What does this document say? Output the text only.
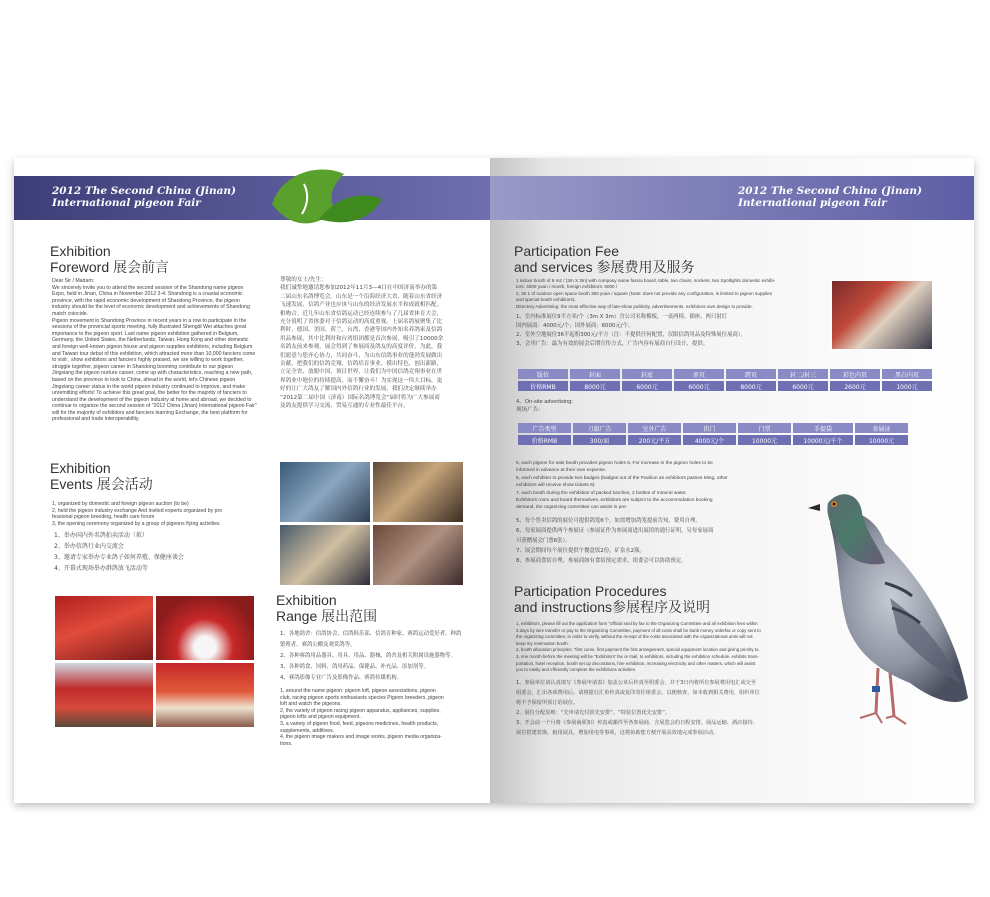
2012 The Second China (Jinan)
International pigeon Fair
Exhibition
Foreword 展会前言
Dear Sir / Madam:
We sincerely invite you to attend the second session of the Shandong name pigeon
Expo, held in Jinan, China in November 2012 3-4. Shandong is a coastal economic
province, with the rapid economic development of Shandong Province, the pigeon
industry should be the level of economic development and achievements of Shandong
match coincide.
Pigeon movement in Shandong Province in recent years in a row to participate in the
sessions of the provincial sports meeting, fully illustrated Shengdi Wei attaches great
importance to the pigeon sport. Last name pigeon exhibition gathered in Belgium,
Germany, the United States, the Netherlands, Taiwan, Hong Kong and other domestic
and foreign well-known pigeon house and pigeon supplies exhibitors, including Belgium
and Taiwan tour debut of this exhibition, which attracted more than 10,000 fanciers come
to visit , show exhibitors and fanciers highly praised, we are willing to work together,
struggle together, pigeon career in Shandong booming contribute to our pigeon
Jingxiang the pigeon nurture career, come up with characteristics, reaching a new path,
based on the province to look to China, ahead in the world, let's Chinese pigeon
Jingxiang career status in the world pigeon industry continued to improve, and make
unremitting efforts! To achieve this great goal, the better for the majority of fanciers to
understand the development of the pigeon industry at home and abroad, we decided to
continue to organize the second session of "2012 China (Jinan) International pigeon Fair"
will for the majority of exhibitors and fanciers learning Exchange, the best platform for
professional and trade interoperability.
尊敬的女士/先生：
我们诚挚地邀请您参加2012年11月3—4日在中国济南举办的第
二届山东名鸽博览会。山东是一个沿海经济大省，随着山东省经济
飞速发展，信鸽产业也应该与山东的经济发展水平和成就相匹配。
相吻合。近几年山东省信鸽运动已经连续参与了几届省体育大会，
充分说明了省体委对于信鸽运动的高度重视。上届名鸽展聚集了比
利时、德国、美国、荷兰、台湾、香港等国内外知名养鸽家及信鸽
用品参展，其中比利时和台湾组团都是首次参展，吸引了10000余
名鸽友前来参观，展会得到了参展商及鸽友的高度评价，为此，我
们愿意与您齐心协力，共同奋斗，为山东信鸽事业的蓬勃发展做出
贡献，把我们的信鸽竞翔、信鸽培育事业，摸出特色，创出新路，
立足全省，放眼中国，领目世界，让我们为中国信鸽竞翔事业在世
界鸽业中地位的持续提高，而不懈奋斗！为实现这一伟大目标，更
好的让广大鸽友了解国内外信鸽行业的发展，我们决定继续举办
“2012第二届中国（济南）国际名鸽博览会”届时将为广大参展商
及鸽友提供学习交流、贸易互通的专业性最佳平台。
Exhibition
Events 展会活动
1, organized by domestic and foreign pigeon auction (to be)
2, held the pigeon industry exchange And invited experts organized by pro
fessional pigeon breeding, health care forum
3, the opening ceremony organized by a group of pigeons flying activities
1、举办国内外名鸽拍卖活动（拟）
2、举办信鸽行业内交流会
3、邀请专家举办专业鸽子如何养殖、保健座谈会
4、开幕式现场举办群鸽放飞活动等
Exhibition
Range 展出范围
1、各地鸽舍：信鸽协会、信鸽俱乐部、信鸽育种家、赛鸽运动爱好者、种鸽
繁殖者、赛鸽公棚及观赏鸽等。
2、各种赛鸽用品器具、用具、用品、器械、鸽舍及相关附属设施器物等。
3、各种鸽食、饲料、鸽用药品、保健品、补充品、添加剂等。
4、赛鸽影像专业广告及影像作品、赛鸽传媒机构。
1, around the name pigeon: pigeon loft, pigeon associations, pigeon
club, racing pigeon sports enthusiasts species Pigeon breeders, pigeon
loft and watch the pigeons.
2, the variety of pigeon racing pigeon apparatus, appliances, supplies,
pigeon lofts and pigeon equipment.
3, a variety of pigeon food, feed, pigeons medicines, health products,
supplements, additives.
4, the pigeon image makers and image works, pigeon media organiza-
tions.
2012 The Second China (Jinan)
International pigeon Fair
Participation Fee
and services 参展费用及服务
1 indoor booth of 9 m2 / (3m X 3m) with company name fascia board, table, two chairs, sockets, two Spotlights domestic exhibi-
tors: 4000 yuan / month, foreign exhibitors: 6000 /
2, 36 1 of outdoor open space booth 300 yuan / square (Note: does not provide any configuration, is limited to pigeon supplies
and special booth exhibitors).
Directory Advertising: the most effective way of late-show publicity, advertisements, exhibitors own design to provide.
1、室内标准展位9平方米/个（3m X 3m）含公司名称楣板，一桌两椅、插座、两只射灯
国内展商：4000元/个；国外展商：6000元/个。
2、室外空地展位36平起租300元/平方（注：不提供任何配置，仅限信鸽用品及特殊展位展商）。
3、会刊广告：最为有效的展会后期宣传方式，广告内容有展商自行设计、提供。
版位	封面	封底	扉页	跨页	封二/封三	彩色内页	黑白内页
价格RMB	8000元	6000元	6000元	8000元	6000元	2600元	1000元
4、On-site advertising:
现场广告：
广告类型	刀旗广告	室外广告	拱门	门票	手提袋	参展证
价格RMB	300/面	200元/平方	4000元/个	10000元	10000元/千个	10000元
5, each pigeon for sale booth provides pigeon holes 6, For increase in the pigeon holes to be
informed in advance at their own expense.
6, each exhibitor to provide two badges (badges out of the Pavilion as exhibitors passes Ming, other
exhibitors will receive show tickets 6).
7, each booth during the exhibition of packed lunches, 2 bottles of mineral water.
Exhibitors room and board themselves, exhibitors are subject to the accommodation booking
demand, the organizing committee can assist in pre-
5、每个售卖信鸽的展位可提供鸽笼6个，如需增加鸽笼提前告知，费用自理。
6、每家展商提供两个参展证（参展证作为参展商进出展馆的通行证明，另每家展商
可获赠展会门票6张）。
7、展会期间每个展位提供午餐盒饭2份，矿泉水2瓶。
8、参展商食宿自理，参展商如有食宿预定需求，组委会可以协助预定。
Participation Procedures
and instructions参展程序及说明
1, exhibitors, please fill out the application form "official seal by fax to the Organizing Committee and all exhibition fees within
3 days by wire transfer or pay to the Organizing Committee, payment of all costs shall be bank money orderfax or copy sent to
the organizing committee, in order to verify, without the receipt of the costs associated with the organizational units will not
keep my reservation booth.
2, booth allocation principles: "first come, first payment the first arrangement, special equipment location and giving priority to.
3, one month before the meeting will be "Exhibitors' fax or mail, to exhibitors, including the exhibition schedule, exhibits trans-
portation, hotel reception, booth set up decorations, hire exhibition, increasing electricity and other matters, which will assist
you to easily and efficiently complete the exhibitions activities.
1、参展单位请认真填写《参展申请表》加盖公章后传真至组委会，并于3日内将所有参展费用电汇或交至
组委会，汇出各项费用后，请将银行汇单传真或复印寄往组委会，以便核查，如未收到相关费用，组织单位
将不予保留所预订的展位。
2、展位分配原则：“先申请先付款先安排”、“特装位置优先安排”。
3、开会前一个月将《参展商须知》传真或邮件至各参展商，含展览会的日程安排、展品运输、酒店接待、
展位搭建装饰，租用展具，增加用电等事项，这将协助您方便开展高效地完成参展活动。
